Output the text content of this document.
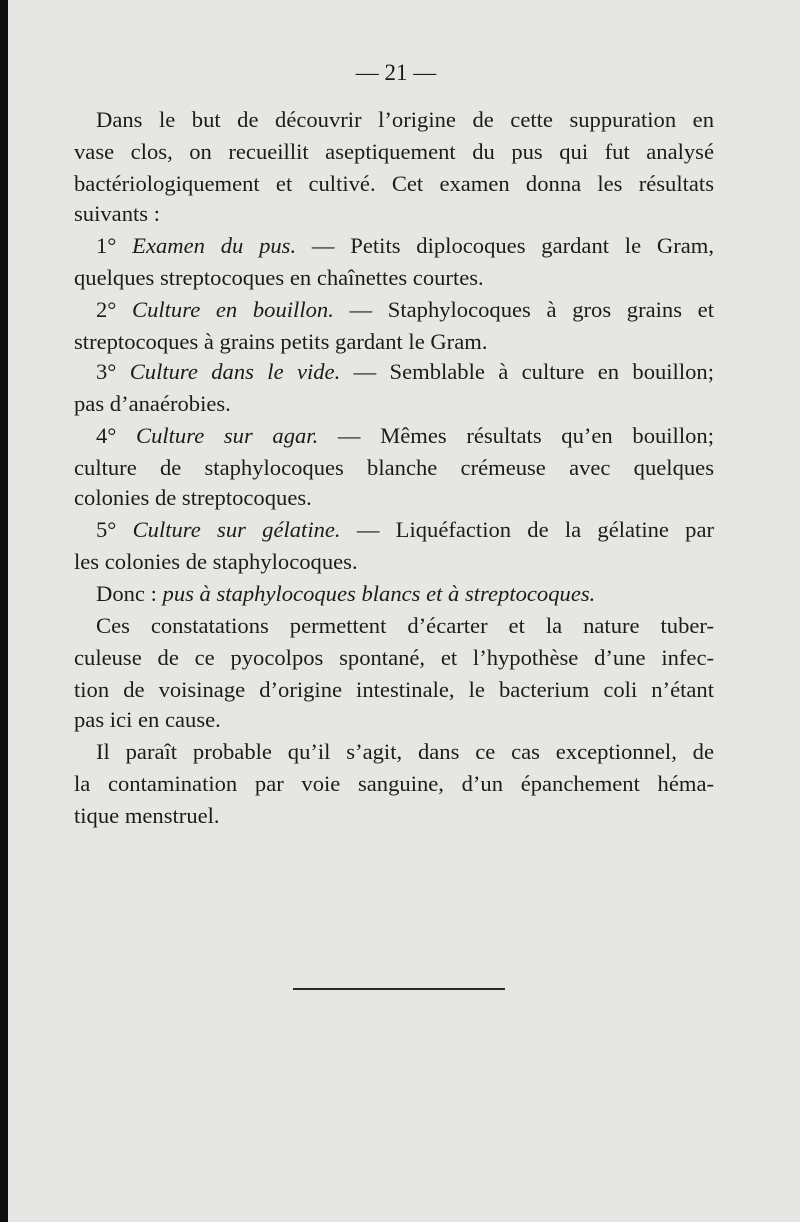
— 21 —
Dans le but de découvrir l’origine de cette suppuration en
vase clos, on recueillit aseptiquement du pus qui fut analysé
bactériologiquement et cultivé. Cet examen donna les résultats
suivants :
1° Examen du pus. — Petits diplocoques gardant le Gram,
quelques streptocoques en chaînettes courtes.
2° Culture en bouillon. — Staphylocoques à gros grains et
streptocoques à grains petits gardant le Gram.
3° Culture dans le vide. — Semblable à culture en bouillon;
pas d’anaérobies.
4° Culture sur agar. — Mêmes résultats qu’en bouillon;
culture de staphylocoques blanche crémeuse avec quelques
colonies de streptocoques.
5° Culture sur gélatine. — Liquéfaction de la gélatine par
les colonies de staphylocoques.
Donc : pus à staphylocoques blancs et à streptocoques.
Ces constatations permettent d’écarter et la nature tuber-
culeuse de ce pyocolpos spontané, et l’hypothèse d’une infec-
tion de voisinage d’origine intestinale, le bacterium coli n’étant
pas ici en cause.
Il paraît probable qu’il s’agit, dans ce cas exceptionnel, de
la contamination par voie sanguine, d’un épanchement héma-
tique menstruel.
